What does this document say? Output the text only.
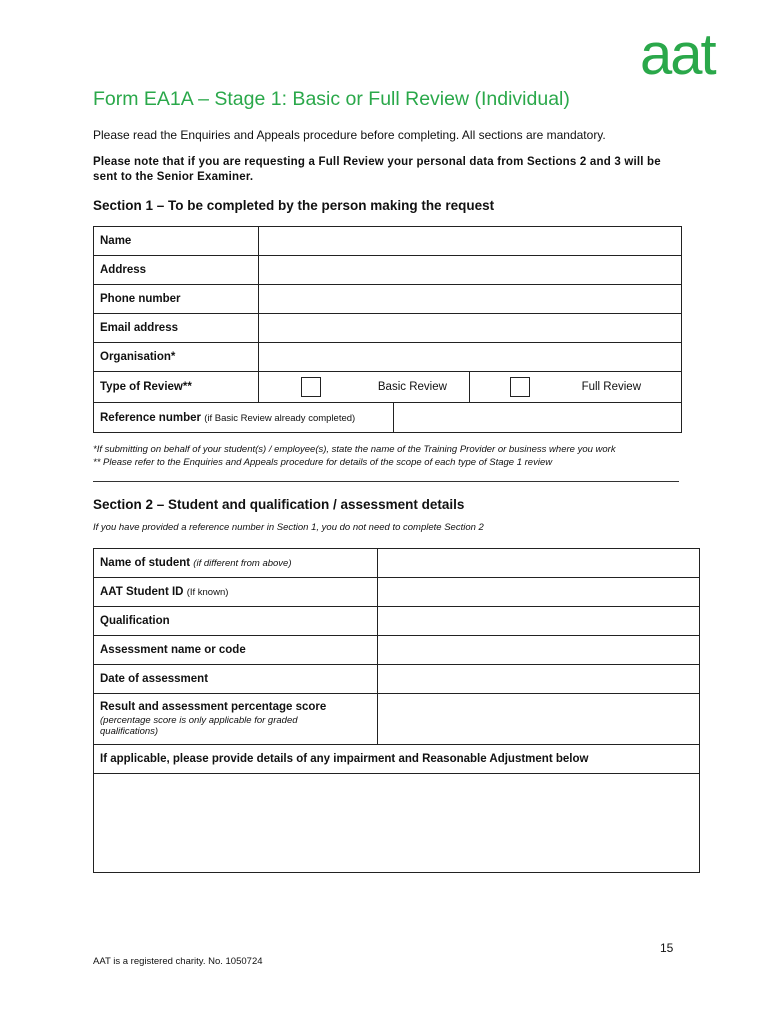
aat
Form EA1A – Stage 1: Basic or Full Review (Individual)
Please read the Enquiries and Appeals procedure before completing. All sections are mandatory.
Please note that if you are requesting a Full Review your personal data from Sections 2 and 3 will be sent to the Senior Examiner.
Section 1 – To be completed by the person making the request
Name			
Address			
Phone number			
Email address			
Organisation*			
Type of Review**	Basic Review		Full Review
Reference number (if Basic Review already completed)			
*If submitting on behalf of your student(s) / employee(s), state the name of the Training Provider or business where you work
** Please refer to the Enquiries and Appeals procedure for details of the scope of each type of Stage 1 review
Section 2 – Student and qualification / assessment details
If you have provided a reference number in Section 1, you do not need to complete Section 2
Name of student (if different from above)	
AAT Student ID (If known)	
Qualification	
Assessment name or code	
Date of assessment	

Result and assessment percentage score
(percentage score is only applicable for graded qualifications)	

If applicable, please provide details of any impairment and Reasonable Adjustment below	

15
AAT is a registered charity. No. 1050724
